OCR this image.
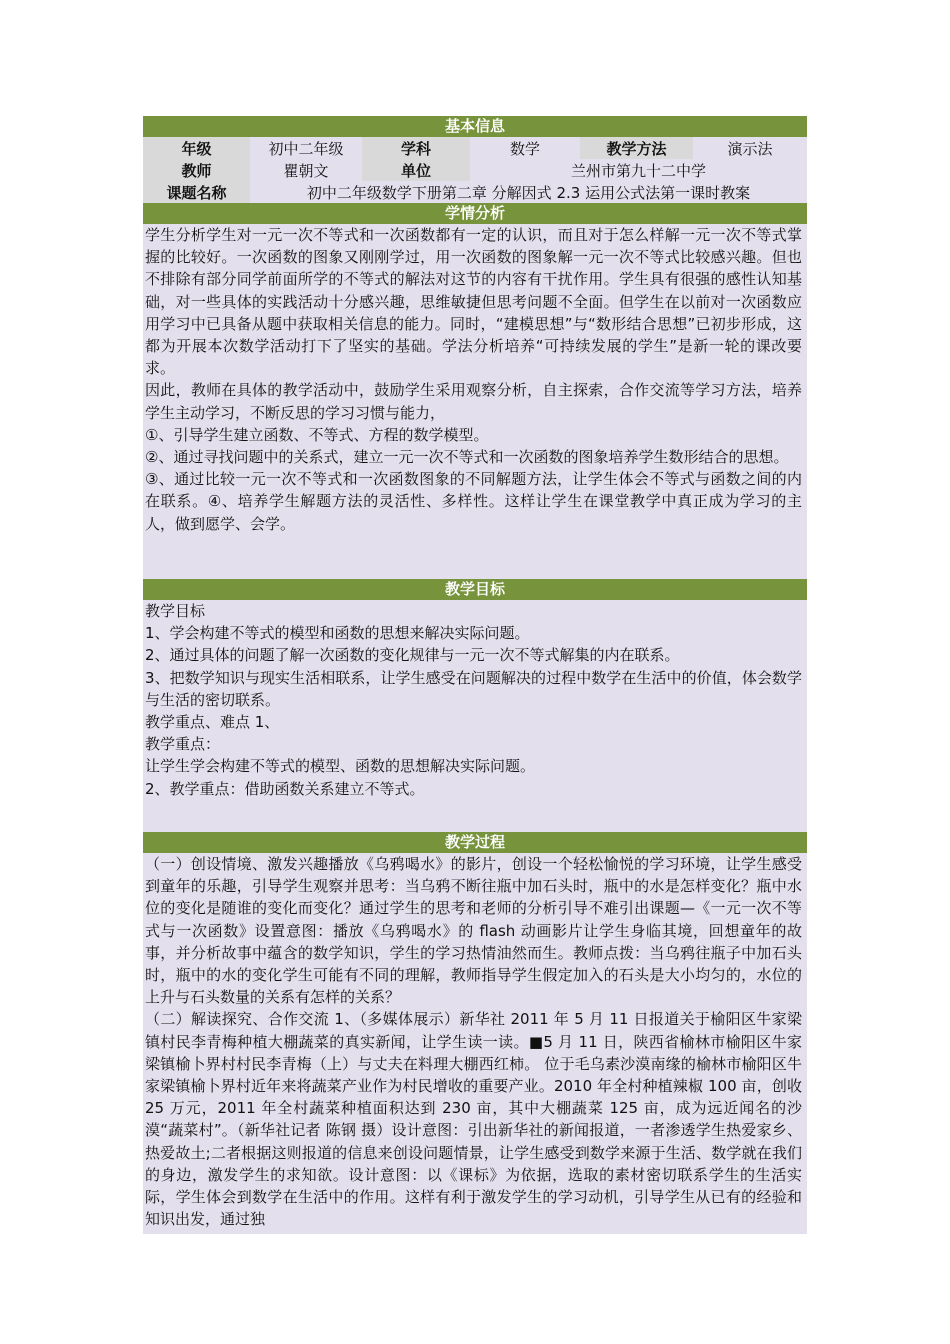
基本信息
年级	初中二年级	学科	数学	教学方法	演示法
教师	瞿朝文	单位	兰州市第九十二中学		
课题名称	初中二年级数学下册第二章 分解因式 2.3 运用公式法第一课时教案				
学情分析

学生分析学生对一元一次不等式和一次函数都有一定的认识，而且对于怎么样解一元一次不等式掌握的比较好。一次函数的图象又刚刚学过，用一次函数的图象解一元一次不等式比较感兴趣。但也不排除有部分同学前面所学的不等式的解法对这节的内容有干扰作用。学生具有很强的感性认知基础，对一些具体的实践活动十分感兴趣，思维敏捷但思考问题不全面。但学生在以前对一次函数应用学习中已具备从题中获取相关信息的能力。同时，“建模思想”与“数形结合思想”已初步形成，这都为开展本次数学活动打下了坚实的基础。学法分析培养“可持续发展的学生”是新一轮的课改要求。

因此，教师在具体的教学活动中，鼓励学生采用观察分析，自主探索，合作交流等学习方法，培养学生主动学习，不断反思的学习习惯与能力，

①、引导学生建立函数、不等式、方程的数学模型。

②、通过寻找问题中的关系式，建立一元一次不等式和一次函数的图象培养学生数形结合的思想。

③、通过比较一元一次不等式和一次函数图象的不同解题方法，让学生体会不等式与函数之间的内在联系。④、培养学生解题方法的灵活性、多样性。这样让学生在课堂教学中真正成为学习的主人，做到愿学、会学。

教学目标

教学目标

1、学会构建不等式的模型和函数的思想来解决实际问题。

2、通过具体的问题了解一次函数的变化规律与一元一次不等式解集的内在联系。

3、把数学知识与现实生活相联系，让学生感受在问题解决的过程中数学在生活中的价值，体会数学与生活的密切联系。

教学重点、难点 1、

教学重点：

让学生学会构建不等式的模型、函数的思想解决实际问题。

2、教学重点：借助函数关系建立不等式。

教学过程

（一）创设情境、激发兴趣播放《乌鸦喝水》的影片，创设一个轻松愉悦的学习环境，让学生感受到童年的乐趣，引导学生观察并思考：当乌鸦不断往瓶中加石头时，瓶中的水是怎样变化？瓶中水位的变化是随谁的变化而变化？通过学生的思考和老师的分析引导不难引出课题—《一元一次不等式与一次函数》设置意图：播放《乌鸦喝水》的 flash 动画影片让学生身临其境，回想童年的故事，并分析故事中蕴含的数学知识，学生的学习热情油然而生。教师点拨：当乌鸦往瓶子中加石头时，瓶中的水的变化学生可能有不同的理解，教师指导学生假定加入的石头是大小均匀的，水位的上升与石头数量的关系有怎样的关系？

（二）解读探究、合作交流 1、（多媒体展示）新华社 2011 年 5 月 11 日报道关于榆阳区牛家梁镇村民李青梅种植大棚蔬菜的真实新闻，让学生读一读。■5 月 11 日，陕西省榆林市榆阳区牛家梁镇榆卜界村村民李青梅（上）与丈夫在料理大棚西红柿。 位于毛乌素沙漠南缘的榆林市榆阳区牛家梁镇榆卜界村近年来将蔬菜产业作为村民增收的重要产业。2010 年全村种植辣椒 100 亩，创收 25 万元，2011 年全村蔬菜种植面积达到 230 亩，其中大棚蔬菜 125 亩，成为远近闻名的沙漠“蔬菜村”。（新华社记者 陈钢 摄）设计意图：引出新华社的新闻报道，一者渗透学生热爱家乡、热爱故土;二者根据这则报道的信息来创设问题情景，让学生感受到数学来源于生活、数学就在我们的身边，激发学生的求知欲。设计意图：以《课标》为依据，选取的素材密切联系学生的生活实际，学生体会到数学在生活中的作用。这样有利于激发学生的学习动机，引导学生从已有的经验和知识出发，通过独
